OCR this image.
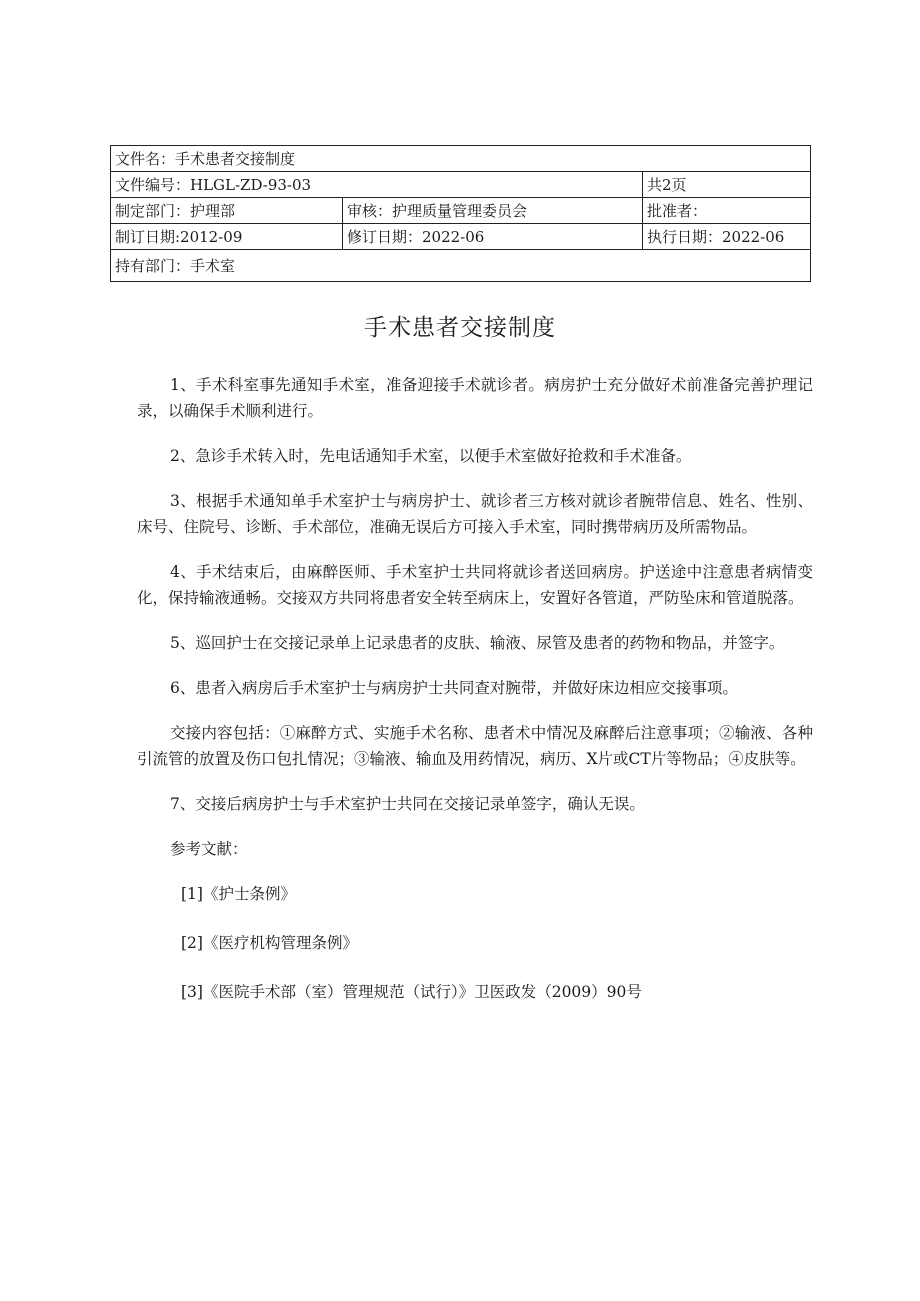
文件名：手术患者交接制度		
文件编号：HLGL-ZD-93-03		共2页
制定部门：护理部	审核：护理质量管理委员会	批准者：
制订日期:2012-09	修订日期：2022-06	执行日期：2022-06
持有部门：手术室		
手术患者交接制度

1、手术科室事先通知手术室，准备迎接手术就诊者。病房护士充分做好术前准备完善护理记录，以确保手术顺利进行。

2、急诊手术转入时，先电话通知手术室，以便手术室做好抢救和手术准备。

3、根据手术通知单手术室护士与病房护士、就诊者三方核对就诊者腕带信息、姓名、性别、床号、住院号、诊断、手术部位，准确无误后方可接入手术室，同时携带病历及所需物品。

4、手术结束后，由麻醉医师、手术室护士共同将就诊者送回病房。护送途中注意患者病情变化，保持输液通畅。交接双方共同将患者安全转至病床上，安置好各管道，严防坠床和管道脱落。

5、巡回护士在交接记录单上记录患者的皮肤、输液、尿管及患者的药物和物品，并签字。

6、患者入病房后手术室护士与病房护士共同查对腕带，并做好床边相应交接事项。

交接内容包括：①麻醉方式、实施手术名称、患者术中情况及麻醉后注意事项；②输液、各种引流管的放置及伤口包扎情况；③输液、输血及用药情况，病历、X片或CT片等物品；④皮肤等。

7、交接后病房护士与手术室护士共同在交接记录单签字，确认无误。

参考文献：

[1]《护士条例》

[2]《医疗机构管理条例》

[3]《医院手术部（室）管理规范（试行）》卫医政发（2009）90号
